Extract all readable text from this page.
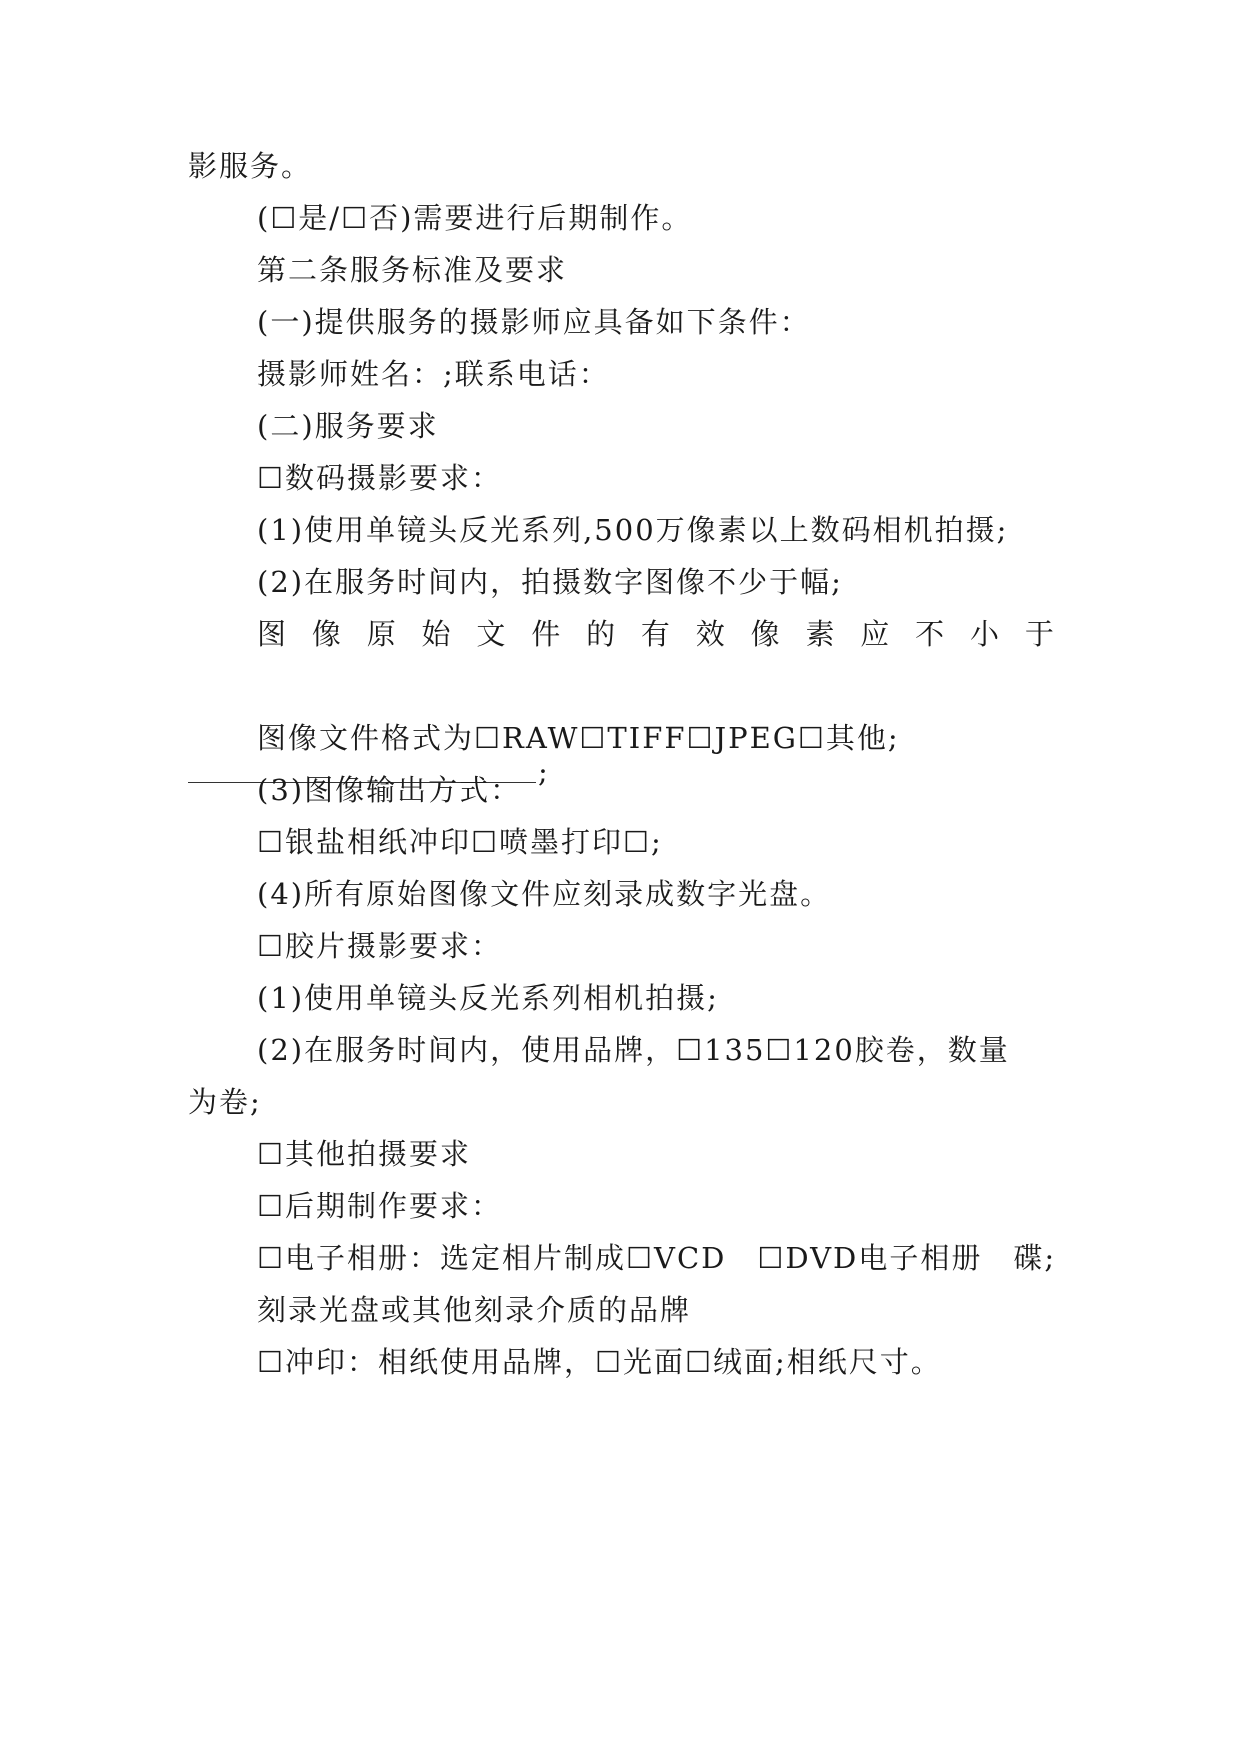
影服务。
(☐是/☐否)需要进行后期制作。
第二条服务标准及要求
(一)提供服务的摄影师应具备如下条件：
摄影师姓名：;联系电话：
(二)服务要求
☐数码摄影要求：
(1)使用单镜头反光系列,500万像素以上数码相机拍摄;
(2)在服务时间内，拍摄数字图像不少于幅;
图 像 原 始 文 件 的 有 效 像 素 应 不 小 于
;
图像文件格式为☐RAW☐TIFF☐JPEG☐其他;
(3)图像输出方式：
☐银盐相纸冲印☐喷墨打印☐;
(4)所有原始图像文件应刻录成数字光盘。
☐胶片摄影要求：
(1)使用单镜头反光系列相机拍摄;
(2)在服务时间内，使用品牌，☐135☐120胶卷，数量
为卷;
☐其他拍摄要求
☐后期制作要求：
☐电子相册：选定相片制成☐VCD　☐DVD电子相册　碟;
刻录光盘或其他刻录介质的品牌
☐冲印：相纸使用品牌，☐光面☐绒面;相纸尺寸。
